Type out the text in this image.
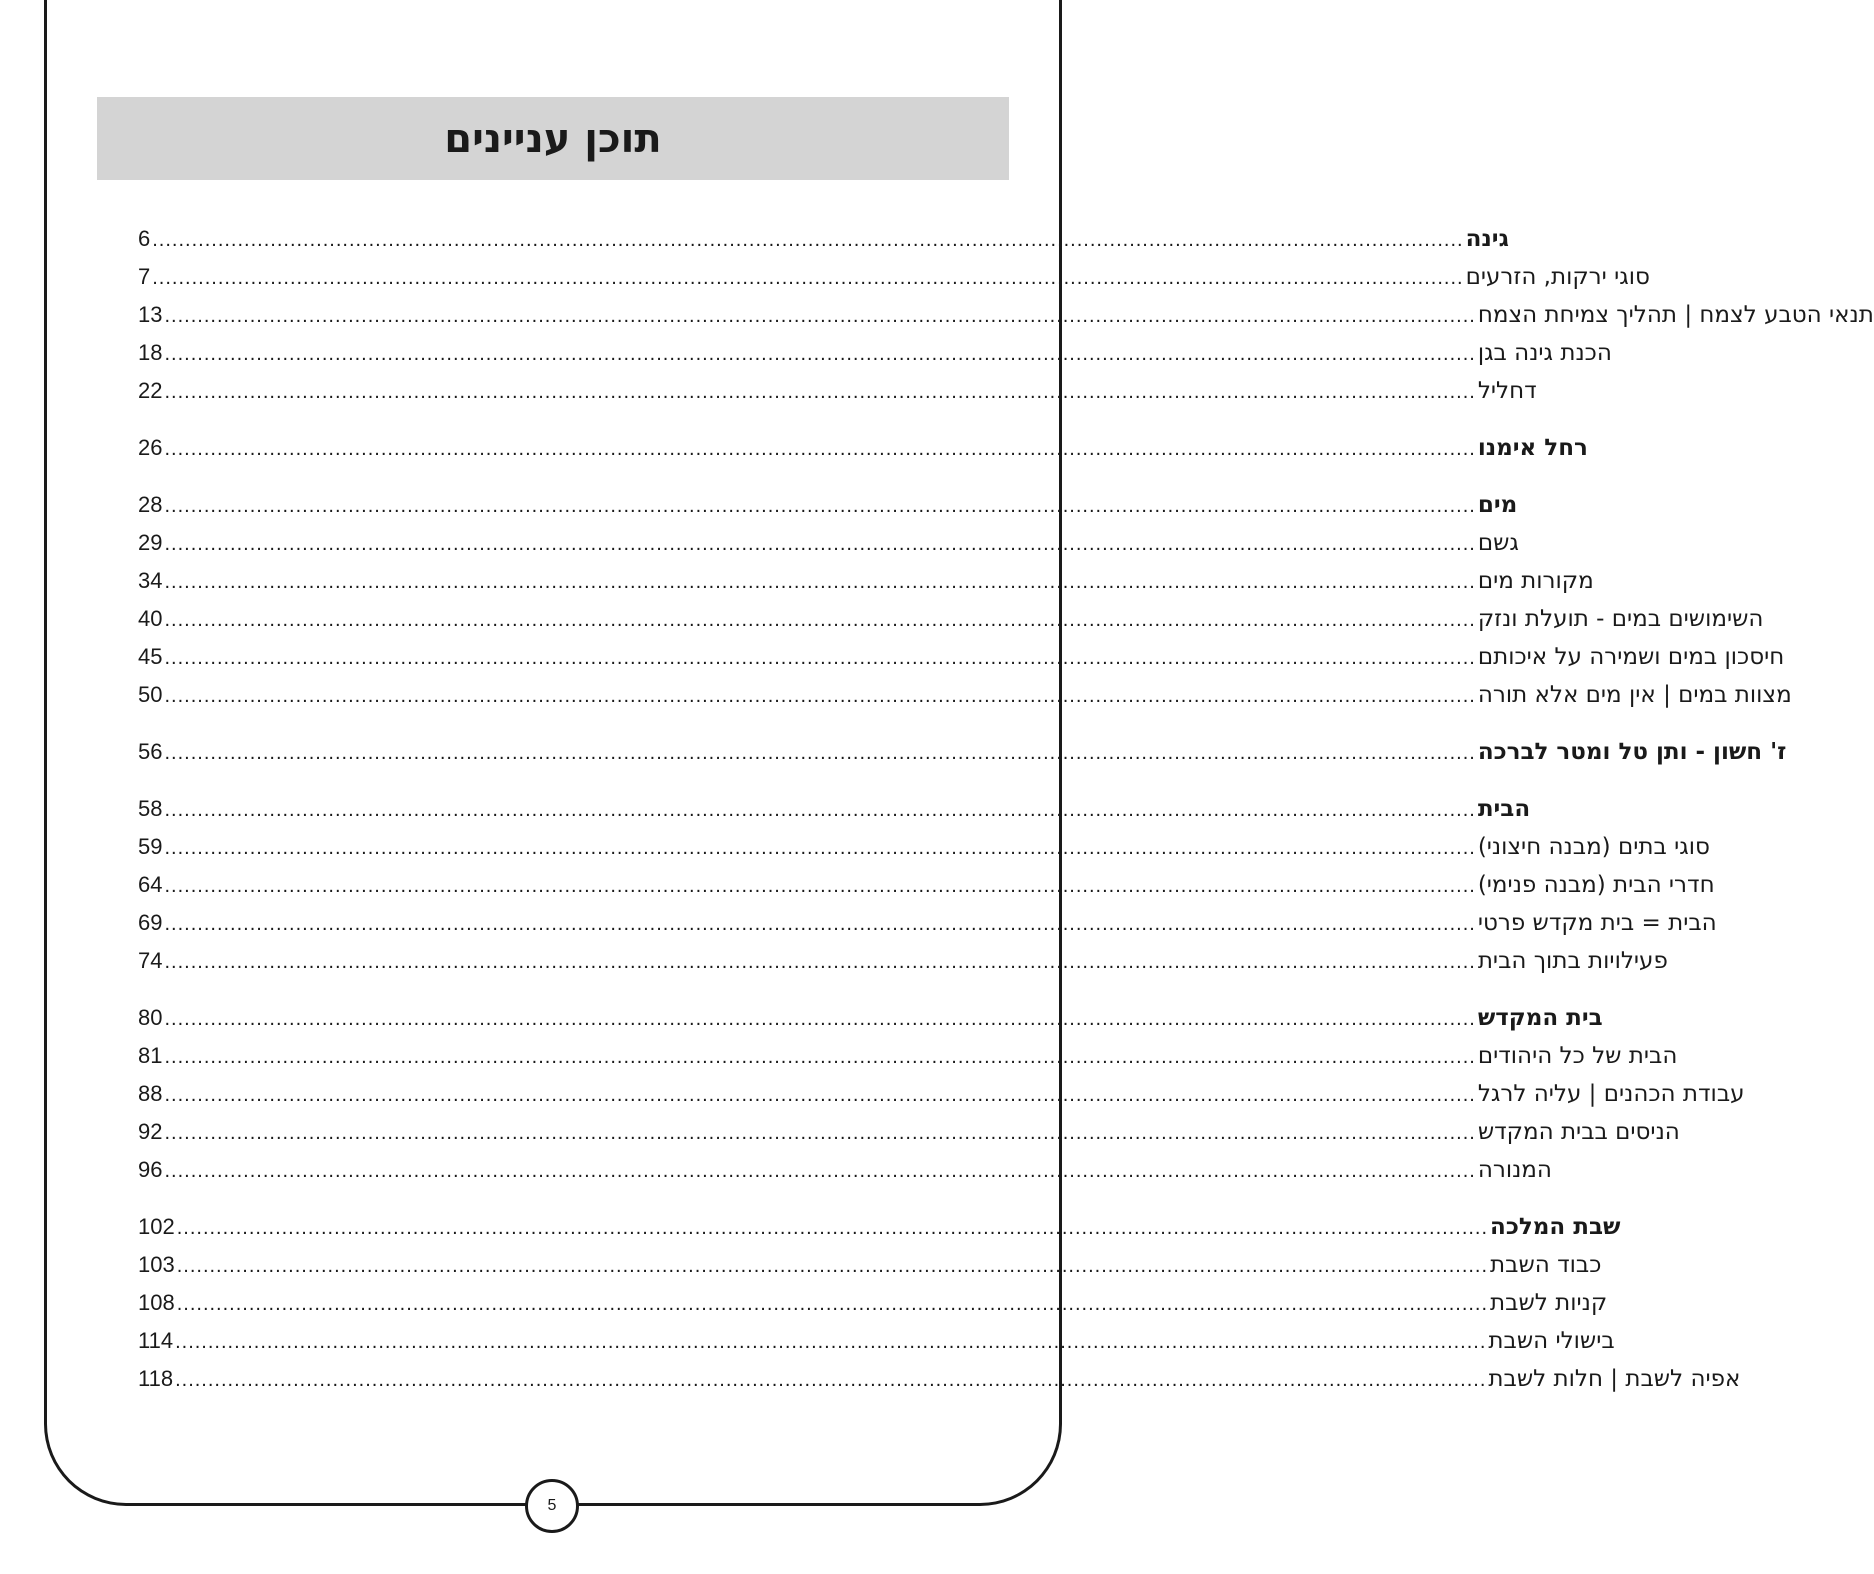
תוכן עניינים
6 ........................................................................................................................................................................................................ גינה
7 ........................................................................................................................................................................................................ סוגי ירקות, הזרעים
13 ........................................................................................................................................................................................................ תנאי הטבע לצמח | תהליך צמיחת הצמח
18 ........................................................................................................................................................................................................ הכנת גינה בגן
22 ........................................................................................................................................................................................................ דחליל
26 ........................................................................................................................................................................................................ רחל אימנו
28 ........................................................................................................................................................................................................ מים
29 ........................................................................................................................................................................................................ גשם
34 ........................................................................................................................................................................................................ מקורות מים
40 ........................................................................................................................................................................................................ השימושים במים - תועלת ונזק
45 ........................................................................................................................................................................................................ חיסכון במים ושמירה על איכותם
50 ........................................................................................................................................................................................................ מצוות במים | אין מים אלא תורה
56 ........................................................................................................................................................................................................ ז' חשון - ותן טל ומטר לברכה
58 ........................................................................................................................................................................................................ הבית
59 ........................................................................................................................................................................................................ סוגי בתים (מבנה חיצוני)
64 ........................................................................................................................................................................................................ חדרי הבית (מבנה פנימי)
69 ........................................................................................................................................................................................................ הבית = בית מקדש פרטי
74 ........................................................................................................................................................................................................ פעילויות בתוך הבית
80 ........................................................................................................................................................................................................ בית המקדש
81 ........................................................................................................................................................................................................ הבית של כל היהודים
88 ........................................................................................................................................................................................................ עבודת הכהנים | עליה לרגל
92 ........................................................................................................................................................................................................ הניסים בבית המקדש
96 ........................................................................................................................................................................................................ המנורה
102 ........................................................................................................................................................................................................ שבת המלכה
103 ........................................................................................................................................................................................................ כבוד השבת
108 ........................................................................................................................................................................................................ קניות לשבת
114 ........................................................................................................................................................................................................ בישולי השבת
118 ........................................................................................................................................................................................................ אפיה לשבת | חלות לשבת
5
